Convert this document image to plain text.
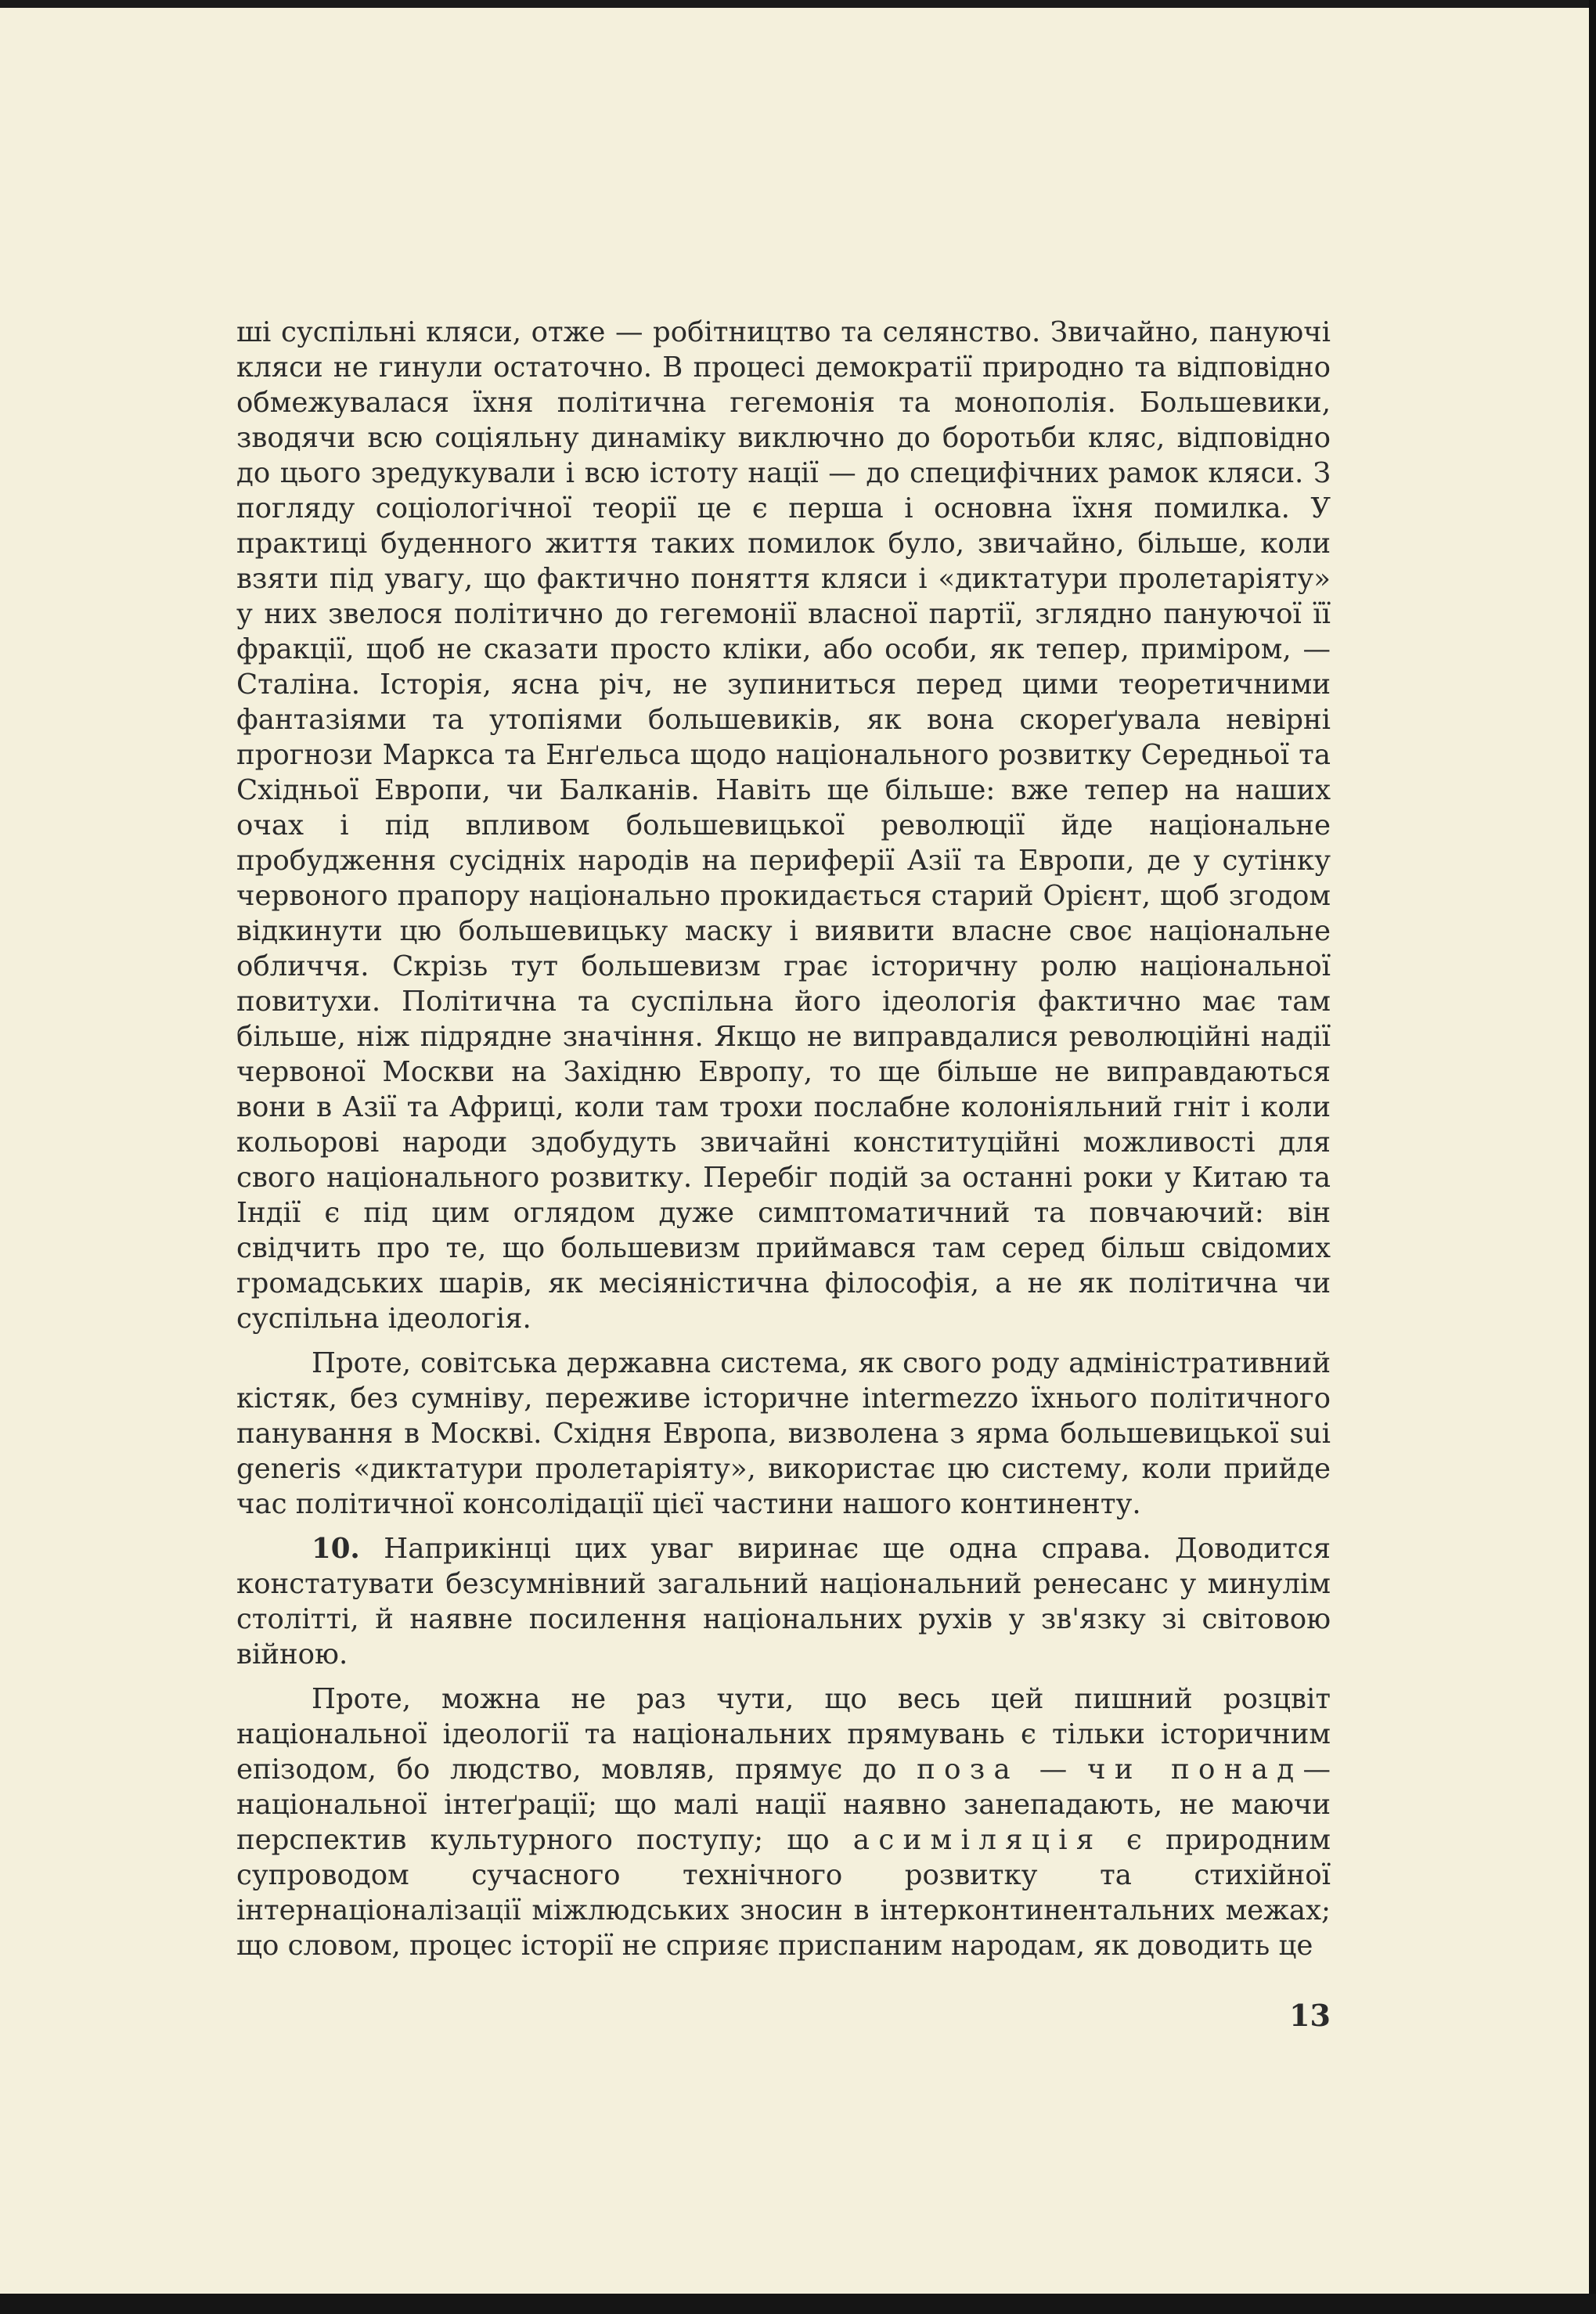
ші суспільні кляси, отже — робітництво та селянство. Звичайно, пануючі кляси не гинули остаточно. В процесі демократії природно та відповідно обмежувалася їхня політична гегемонія та монополія. Большевики, зводячи всю соціяльну динаміку виключно до боротьби кляс, відповідно до цього зредукували і всю істоту нації — до специфічних рамок кляси. З погляду соціологічної теорії це є перша і основна їхня помилка. У практиці буденного життя таких помилок було, звичайно, більше, коли взяти під увагу, що фактично поняття кляси і «диктатури пролетаріяту» у них звелося політично до гегемонії власної партії, зглядно пануючої її фракції, щоб не сказати просто кліки, або особи, як тепер, приміром, — Сталіна. Історія, ясна річ, не зупиниться перед цими теоретичними фантазіями та утопіями большевиків, як вона скореґувала невірні прогнози Маркса та Енґельса щодо національного розвитку Середньої та Східньої Европи, чи Балканів. Навіть ще більше: вже тепер на наших очах і під впливом большевицької революції йде національне пробудження сусідніх народів на периферії Азії та Европи, де у сутінку червоного прапору національно прокидається старий Орієнт, щоб згодом відкинути цю большевицьку маску і виявити власне своє національне обличчя. Скрізь тут большевизм грає історичну ролю національної повитухи. Політична та суспільна його ідеологія фактично має там більше, ніж підрядне значіння. Якщо не виправдалися революційні надії червоної Москви на Західню Европу, то ще більше не виправдаються вони в Азії та Африці, коли там трохи послабне колоніяльний гніт і коли кольорові народи здобудуть звичайні конституційні можливості для свого національного розвитку. Перебіг подій за останні роки у Китаю та Індії є під цим оглядом дуже симптоматичний та повчаючий: він свідчить про те, що большевизм приймався там серед більш свідомих громадських шарів, як месіяністична філософія, а не як політична чи суспільна ідеологія.

Проте, совітська державна система, як свого роду адміністративний кістяк, без сумніву, переживе історичне intermezzo їхнього політичного панування в Москві. Східня Европа, визволена з ярма большевицької sui generis «диктатури пролетаріяту», використає цю систему, коли прийде час політичної консолідації цієї частини нашого континенту.

10. Наприкінці цих уваг виринає ще одна справа. Доводится констатувати безсумнівний загальний національний ренесанс у минулім столітті, й наявне посилення національних рухів у зв'язку зі світовою війною.

Проте, можна не раз чути, що весь цей пишний розцвіт національної ідеології та національних прямувань є тільки історичним епізодом, бо людство, мовляв, прямує до поза — чи понад—національної інтеґрації; що малі нації наявно занепадають, не маючи перспектив культурного поступу; що асиміляція є природним супроводом сучасного технічного розвитку та стихійної інтернаціоналізації міжлюдських зносин в інтерконтинентальних межах; що словом, процес історії не сприяє приспаним народам, як доводить це

13
